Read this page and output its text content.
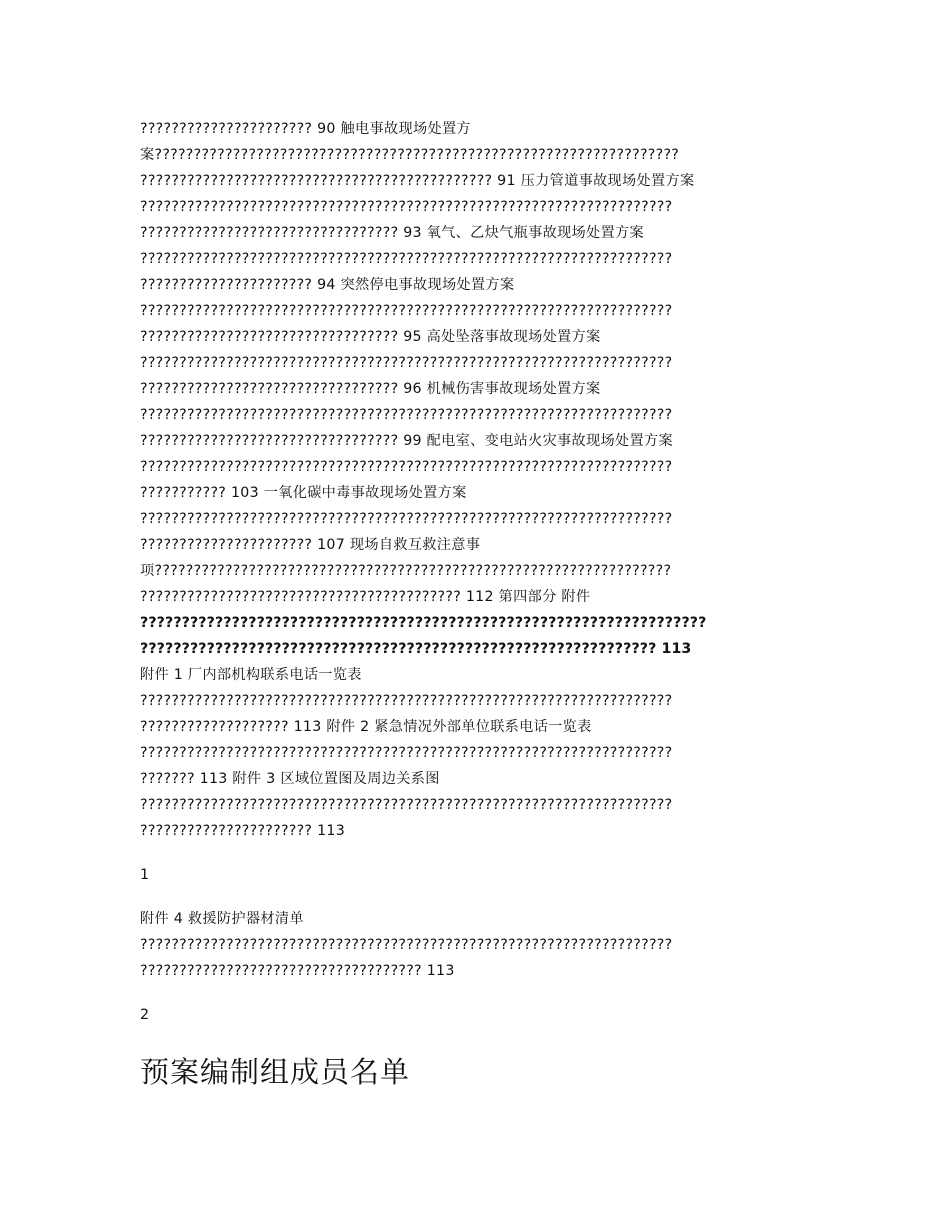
?????????????????????? 90 触电事故现场处置方
案???????????????????????????????????????????????????????????????????
????????????????????????????????????????????? 91 压力管道事故现场处置方案
????????????????????????????????????????????????????????????????????
????????????????????????????????? 93 氧气、乙炔气瓶事故现场处置方案
????????????????????????????????????????????????????????????????????
?????????????????????? 94 突然停电事故现场处置方案
????????????????????????????????????????????????????????????????????
????????????????????????????????? 95 高处坠落事故现场处置方案
????????????????????????????????????????????????????????????????????
????????????????????????????????? 96 机械伤害事故现场处置方案
????????????????????????????????????????????????????????????????????
????????????????????????????????? 99 配电室、变电站火灾事故现场处置方案
????????????????????????????????????????????????????????????????????
??????????? 103 一氧化碳中毒事故现场处置方案
????????????????????????????????????????????????????????????????????
?????????????????????? 107 现场自救互救注意事
项??????????????????????????????????????????????????????????????????
????????????????????????????????????????? 112 第四部分 附件
????????????????????????????????????????????????????????????????????
?????????????????????????????????????????????????????????????? 113
附件 1 厂内部机构联系电话一览表
????????????????????????????????????????????????????????????????????
??????????????????? 113 附件 2 紧急情况外部单位联系电话一览表
????????????????????????????????????????????????????????????????????
??????? 113 附件 3 区域位置图及周边关系图
????????????????????????????????????????????????????????????????????
?????????????????????? 113
1
附件 4 救援防护器材清单
????????????????????????????????????????????????????????????????????
???????????????????????????????????? 113
2
预案编制组成员名单
